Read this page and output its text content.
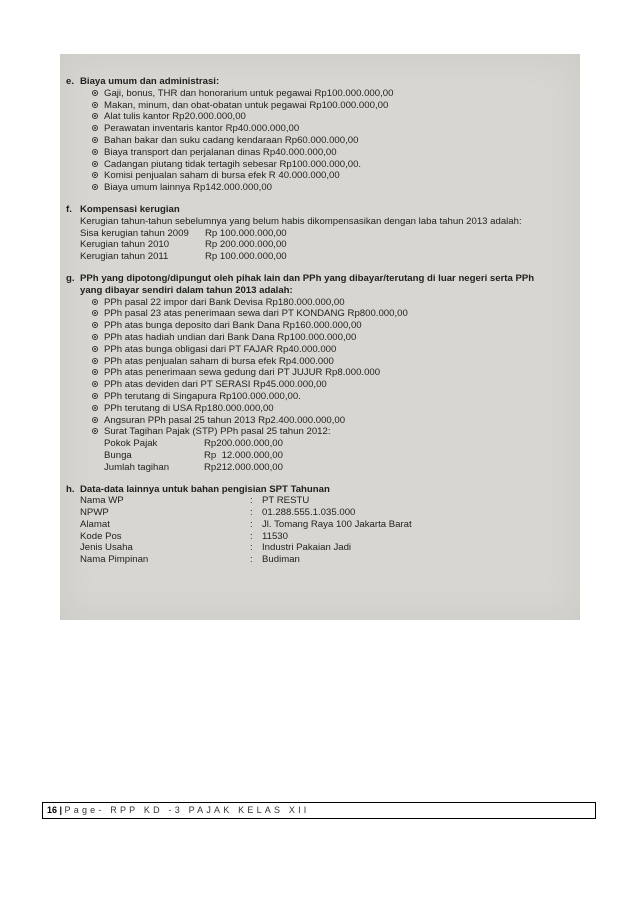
e. Biaya umum dan administrasi:
Gaji, bonus, THR dan honorarium untuk pegawai Rp100.000.000,00
Makan, minum, dan obat-obatan untuk pegawai Rp100.000.000,00
Alat tulis kantor Rp20.000.000,00
Perawatan inventaris kantor Rp40.000.000,00
Bahan bakar dan suku cadang kendaraan Rp60.000.000,00
Biaya transport dan perjalanan dinas Rp40.000.000,00
Cadangan piutang tidak tertagih sebesar Rp100.000.000,00.
Komisi penjualan saham di bursa efek R 40.000.000,00
Biaya umum lainnya Rp142.000.000,00
f. Kompensasi kerugian
Kerugian tahun-tahun sebelumnya yang belum habis dikompensasikan dengan laba tahun 2013 adalah:
Sisa kerugian tahun 2009	Rp 100.000.000,00
Kerugian tahun 2010	Rp 200.000.000,00
Kerugian tahun 2011	Rp 100.000.000,00
g. PPh yang dipotong/dipungut oleh pihak lain dan PPh yang dibayar/terutang di luar negeri serta PPh
yang dibayar sendiri dalam tahun 2013 adalah:
PPh pasal 22 impor dari Bank Devisa Rp180.000.000,00
PPh pasal 23 atas penerimaan sewa dari PT KONDANG Rp800.000,00
PPh atas bunga deposito dari Bank Dana Rp160.000.000,00
PPh atas hadiah undian dari Bank Dana Rp100.000.000,00
PPh atas bunga obligasi dari PT FAJAR Rp40.000.000
PPh atas penjualan saham di bursa efek Rp4.000.000
PPh atas penerimaan sewa gedung dari PT JUJUR Rp8.000.000
PPh atas deviden dari PT SERASI Rp45.000.000,00
PPh terutang di Singapura Rp100.000.000,00.
PPh terutang di USA Rp180.000.000,00
Angsuran PPh pasal 25 tahun 2013 Rp2.400.000.000,00
Surat Tagihan Pajak (STP) PPh pasal 25 tahun 2012:
Pokok Pajak	Rp200.000.000,00
Bunga	Rp  12.000.000,00
Jumlah tagihan	Rp212.000.000,00
h. Data-data lainnya untuk bahan pengisian SPT Tahunan
Nama WP	: PT RESTU
NPWP	: 01.288.555.1.035.000
Alamat	: Jl. Tomang Raya 100 Jakarta Barat
Kode Pos	: 11530
Jenis Usaha	: Industri Pakaian Jadi
Nama Pimpinan	: Budiman
16 | Page- RPP KD -3 PAJAK KELAS XII
